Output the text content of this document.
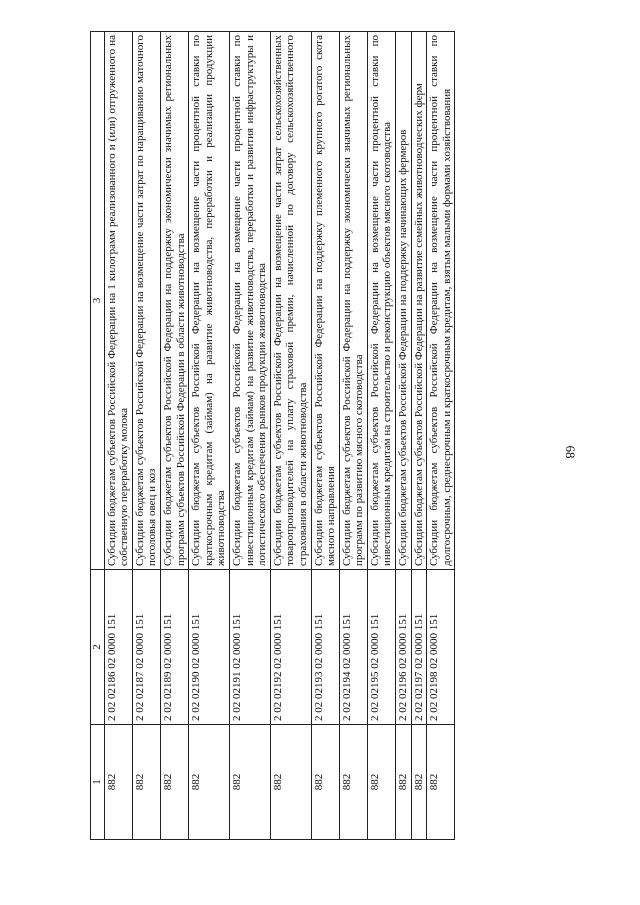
68
1	2	3
882	2 02 02186 02 0000 151	Субсидии бюджетам субъектов Российской Федерации на 1 килограмм реализованного и (или) отгруженного на собственную переработку молока
882	2 02 02187 02 0000 151	Субсидии бюджетам субъектов Российской Федерации на возмещение части затрат по наращиванию маточного поголовья овец и коз
882	2 02 02189 02 0000 151	Субсидии бюджетам субъектов Российской Федерации на поддержку экономически значимых региональных программ субъектов Российской Федерации в области животноводства
882	2 02 02190 02 0000 151	Субсидии бюджетам субъектов Российской Федерации на возмещение части процентной ставки по краткосрочным кредитам (займам) на развитие животноводства, переработки и реализации продукции животноводства
882	2 02 02191 02 0000 151	Субсидии бюджетам субъектов Российской Федерации на возмещение части процентной ставки по инвестиционным кредитам (займам) на развитие животноводства, переработки и развития инфраструктуры и логистического обеспечения рынков продукции животноводства
882	2 02 02192 02 0000 151	Субсидии бюджетам субъектов Российской Федерации на возмещение части затрат сельскохозяйственных товаропроизводителей на уплату страховой премии, начисленной по договору сельскохозяйственного страхования в области животноводства
882	2 02 02193 02 0000 151	Субсидии бюджетам субъектов Российской Федерации на поддержку племенного крупного рогатого скота мясного направления
882	2 02 02194 02 0000 151	Субсидии бюджетам субъектов Российской Федерации на поддержку экономически значимых региональных программ по развитию мясного скотоводства
882	2 02 02195 02 0000 151	Субсидии бюджетам субъектов Российской Федерации на возмещение части процентной ставки по инвестиционным кредитам на строительство и реконструкцию объектов мясного скотоводства
882	2 02 02196 02 0000 151	Субсидии бюджетам субъектов Российской Федерации на поддержку начинающих фермеров
882	2 02 02197 02 0000 151	Субсидии бюджетам субъектов Российской Федерации на развитие семейных животноводческих ферм
882	2 02 02198 02 0000 151	Субсидии бюджетам субъектов Российской Федерации на возмещение части процентной ставки по долгосрочным, среднесрочным и краткосрочным кредитам, взятым малыми формами хозяйствования
